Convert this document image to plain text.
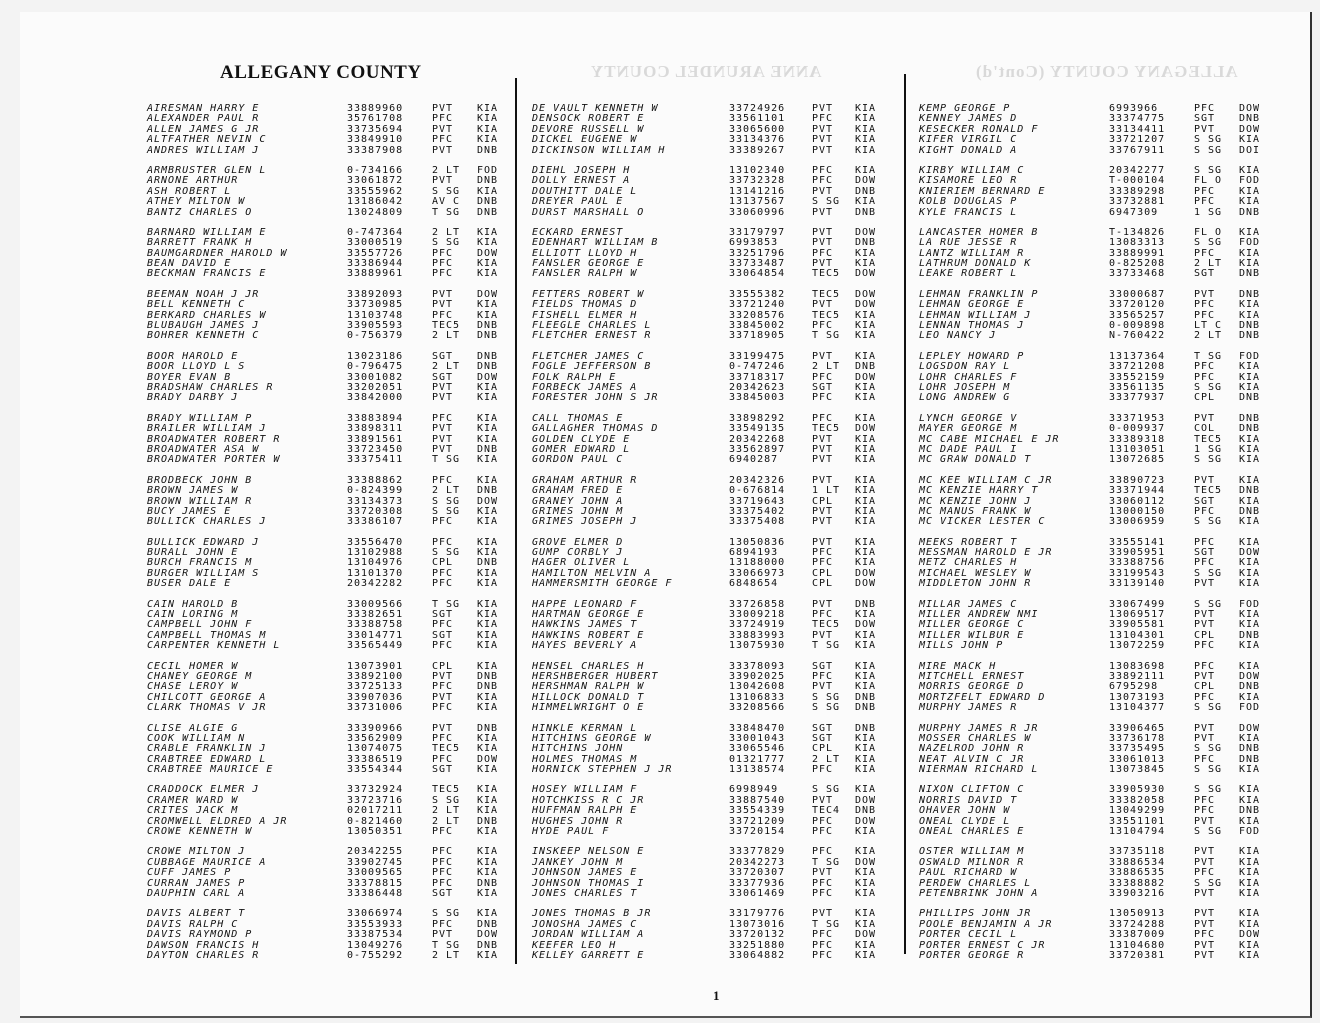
ANNE ARUNDEL COUNTY	ALLEGANY COUNTY (Cont'd)
ALLEGANY COUNTY
AIRESMAN HARRY E	33889960	PVT KIA
ALEXANDER PAUL R	35761708	PFC KIA
ALLEN JAMES G JR	33735694	PVT KIA
ALTFATHER NEVIN C	33849910	PFC KIA
ANDRES WILLIAM J	33387908	PVT DNB
ARMBRUSTER GLEN L	0-734166	2 LT FOD
ARNONE ARTHUR	33061872	PVT DNB
ASH ROBERT L	33555962	S SG KIA
ATHEY MILTON W	13186042	AV C DNB
BANTZ CHARLES O	13024809	T SG DNB
BARNARD WILLIAM E	0-747364	2 LT KIA
BARRETT FRANK H	33000519	S SG KIA
BAUMGARDNER HAROLD W	33557726	PFC DOW
BEAN DAVID E	33386944	PFC KIA
BECKMAN FRANCIS E	33889961	PFC KIA
BEEMAN NOAH J JR	33892093	PVT DOW
BELL KENNETH C	33730985	PVT KIA
BERKARD CHARLES W	13103748	PFC KIA
BLUBAUGH JAMES J	33905593	TEC5 DNB
BOHRER KENNETH C	0-756379	2 LT DNB
BOOR HAROLD E	13023186	SGT DNB
BOOR LLOYD L S	0-796475	2 LT DNB
BOYER EVAN B	33001082	SGT DOW
BRADSHAW CHARLES R	33202051	PVT KIA
BRADY DARBY J	33842000	PVT KIA
BRADY WILLIAM P	33883894	PFC KIA
BRAILER WILLIAM J	33898311	PVT KIA
BROADWATER ROBERT R	33891561	PVT KIA
BROADWATER ASA W	33723450	PVT DNB
BROADWATER PORTER W	33375411	T SG KIA
BRODBECK JOHN B	33388862	PFC KIA
BROWN JAMES W	0-824399	2 LT DNB
BROWN WILLIAM R	33134373	S SG DOW
BUCY JAMES E	33720308	S SG KIA
BULLICK CHARLES J	33386107	PFC KIA
BULLICK EDWARD J	33556470	PFC KIA
BURALL JOHN E	13102988	S SG KIA
BURCH FRANCIS M	13104976	CPL DNB
BURGER WILLIAM S	13101370	PFC KIA
BUSER DALE E	20342282	PFC KIA
CAIN HAROLD B	33009566	T SG KIA
CAIN LORING M	33382651	SGT KIA
CAMPBELL JOHN F	33388758	PFC KIA
CAMPBELL THOMAS M	33014771	SGT KIA
CARPENTER KENNETH L	33565449	PFC KIA
CECIL HOMER W	13073901	CPL KIA
CHANEY GEORGE M	33892100	PVT DNB
CHASE LEROY W	33725133	PFC DNB
CHILCOTT GEORGE A	33907036	PVT KIA
CLARK THOMAS V JR	33731006	PFC KIA
CLISE ALGIE G	33390966	PVT DNB
COOK WILLIAM N	33562909	PFC KIA
CRABLE FRANKLIN J	13074075	TEC5 KIA
CRABTREE EDWARD L	33386519	PFC DOW
CRABTREE MAURICE E	33554344	SGT KIA
CRADDOCK ELMER J	33732924	TEC5 KIA
CRAMER WARD W	33723716	S SG KIA
CRITES JACK M	02017211	2 LT KIA
CROMWELL ELDRED A JR	0-821460	2 LT DNB
CROWE KENNETH W	13050351	PFC KIA
CROWE MILTON J	20342255	PFC KIA
CUBBAGE MAURICE A	33902745	PFC KIA
CUFF JAMES P	33009565	PFC KIA
CURRAN JAMES P	33378815	PFC DNB
DAUPHIN CARL A	33386448	SGT KIA
DAVIS ALBERT T	33066974	S SG KIA
DAVIS RALPH C	33553933	PFC DNB
DAVIS RAYMOND P	33387534	PVT DOW
DAWSON FRANCIS H	13049276	T SG DNB
DAYTON CHARLES R	0-755292	2 LT KIA
DE VAULT KENNETH W	33724926	PVT KIA
DENSOCK ROBERT E	33561101	PFC KIA
DEVORE RUSSELL W	33065600	PVT KIA
DICKEL EUGENE W	33134376	PVT KIA
DICKINSON WILLIAM H	33389267	PVT KIA
DIEHL JOSEPH H	13102340	PFC KIA
DOLLY ERNEST A	33732328	PFC DOW
DOUTHITT DALE L	13141216	PVT DNB
DREYER PAUL E	13137567	S SG KIA
DURST MARSHALL O	33060996	PVT DNB
ECKARD ERNEST	33179797	PVT DOW
EDENHART WILLIAM B	6993853	PVT DNB
ELLIOTT LLOYD H	33251796	PFC KIA
FANSLER GEORGE E	33733487	PVT KIA
FANSLER RALPH W	33064854	TEC5 DOW
FETTERS ROBERT W	33555382	TEC5 DOW
FIELDS THOMAS D	33721240	PVT DOW
FISHELL ELMER H	33208576	TEC5 KIA
FLEEGLE CHARLES L	33845002	PFC KIA
FLETCHER ERNEST R	33718905	T SG KIA
FLETCHER JAMES C	33199475	PVT KIA
FOGLE JEFFERSON B	0-747246	2 LT DNB
FOLK RALPH E	33718317	PFC DOW
FORBECK JAMES A	20342623	SGT KIA
FORESTER JOHN S JR	33845003	PFC KIA
CALL THOMAS E	33898292	PFC KIA
GALLAGHER THOMAS D	33549135	TEC5 DOW
GOLDEN CLYDE E	20342268	PVT KIA
GOMER EDWARD L	33562897	PVT KIA
GORDON PAUL C	6940287	PVT KIA
GRAHAM ARTHUR R	20342326	PVT KIA
GRAHAM FRED E	0-676814	1 LT KIA
GRANEY JOHN A	33719643	CPL KIA
GRIMES JOHN M	33375402	PVT KIA
GRIMES JOSEPH J	33375408	PVT KIA
GROVE ELMER D	13050836	PVT KIA
GUMP CORBLY J	6894193	PFC KIA
HAGER OLIVER L	13188000	PFC KIA
HAMILTON MELVIN A	33066973	CPL DOW
HAMMERSMITH GEORGE F	6848654	CPL DOW
HAPPE LEONARD F	33726858	PVT DNB
HARTMAN GEORGE E	33009218	PFC KIA
HAWKINS JAMES T	33724919	TEC5 DOW
HAWKINS ROBERT E	33883993	PVT KIA
HAYES BEVERLY A	13075930	T SG KIA
HENSEL CHARLES H	33378093	SGT KIA
HERSHBERGER HUBERT	33902025	PFC KIA
HERSHMAN RALPH W	13042608	PVT KIA
HILLOCK DONALD T	13106833	S SG DNB
HIMMELWRIGHT O E	33208566	S SG DNB
HINKLE KERMAN L	33848470	SGT DNB
HITCHINS GEORGE W	33001043	SGT KIA
HITCHINS JOHN	33065546	CPL KIA
HOLMES THOMAS M	01321777	2 LT KIA
HORNICK STEPHEN J JR	13138574	PFC KIA
HOSEY WILLIAM F	6998949	S SG KIA
HOTCHKISS R C JR	33887540	PVT DOW
HUFFMAN RALPH E	33554339	TEC4 DNB
HUGHES JOHN R	33721209	PFC DOW
HYDE PAUL F	33720154	PFC KIA
INSKEEP NELSON E	33377829	PFC KIA
JANKEY JOHN M	20342273	T SG DOW
JOHNSON JAMES E	33720307	PVT KIA
JOHNSON THOMAS I	33377936	PFC KIA
JONES CHARLES T	33061469	PFC KIA
JONES THOMAS B JR	33179776	PVT KIA
JONOSHA JAMES C	13073016	T SG KIA
JORDAN WILLIAM A	33720132	PFC DOW
KEEFER LEO H	33251880	PFC KIA
KELLEY GARRETT E	33064882	PFC KIA
KEMP GEORGE P	6993966	PFC DOW
KENNEY JAMES D	33374775	SGT DNB
KESECKER RONALD F	33134411	PVT DOW
KIFER VIRGIL C	33721207	S SG KIA
KIGHT DONALD A	33767911	S SG DOI
KIRBY WILLIAM C	20342277	S SG KIA
KISAMORE LEO R	T-000104	FL O FOD
KNIERIEM BERNARD E	33389298	PFC KIA
KOLB DOUGLAS P	33732881	PFC KIA
KYLE FRANCIS L	6947309	1 SG DNB
LANCASTER HOMER B	T-134826	FL O KIA
LA RUE JESSE R	13083313	S SG FOD
LANTZ WILLIAM R	33889991	PFC KIA
LATHRUM DONALD K	0-825208	2 LT KIA
LEAKE ROBERT L	33733468	SGT DNB
LEHMAN FRANKLIN P	33000687	PVT DNB
LEHMAN GEORGE E	33720120	PFC KIA
LEHMAN WILLIAM J	33565257	PFC KIA
LENNAN THOMAS J	0-009898	LT C DNB
LEO NANCY J	N-760422	2 LT DNB
LEPLEY HOWARD P	13137364	T SG FOD
LOGSDON RAY L	33721208	PFC KIA
LOHR CHARLES F	33552159	PFC KIA
LOHR JOSEPH M	33561135	S SG KIA
LONG ANDREW G	33377937	CPL DNB
LYNCH GEORGE V	33371953	PVT DNB
MAYER GEORGE M	0-009937	COL DNB
MC CABE MICHAEL E JR	33389318	TEC5 KIA
MC DADE PAUL I	13103051	1 SG KIA
MC GRAW DONALD T	13072685	S SG KIA
MC KEE WILLIAM C JR	33890723	PVT KIA
MC KENZIE HARRY T	33371944	TEC5 DNB
MC KENZIE JOHN J	33060112	SGT KIA
MC MANUS FRANK W	13000150	PFC DNB
MC VICKER LESTER C	33006959	S SG KIA
MEEKS ROBERT T	33555141	PFC KIA
MESSMAN HAROLD E JR	33905951	SGT DOW
METZ CHARLES H	33388756	PFC KIA
MICHAEL WESLEY W	33199543	S SG KIA
MIDDLETON JOHN R	33139140	PVT KIA
MILLAR JAMES C	33067499	S SG FOD
MILLER ANDREW NMI	13069517	PVT KIA
MILLER GEORGE C	33905581	PVT KIA
MILLER WILBUR E	13104301	CPL DNB
MILLS JOHN P	13072259	PFC KIA
MIRE MACK H	13083698	PFC KIA
MITCHELL ERNEST	33892111	PVT DOW
MORRIS GEORGE D	6795298	CPL DNB
MORTZFELT EDWARD D	13073193	PFC KIA
MURPHY JAMES R	13104377	S SG FOD
MURPHY JAMES R JR	33906465	PVT DOW
MOSSER CHARLES W	33736178	PVT KIA
NAZELROD JOHN R	33735495	S SG DNB
NEAT ALVIN C JR	33061013	PFC DNB
NIERMAN RICHARD L	13073845	S SG KIA
NIXON CLIFTON C	33905930	S SG KIA
NORRIS DAVID T	33382058	PFC KIA
OHAVER JOHN W	13049299	PFC DNB
ONEAL CLYDE L	33551101	PVT KIA
ONEAL CHARLES E	13104794	S SG FOD
OSTER WILLIAM M	33735118	PVT KIA
OSWALD MILNOR R	33886534	PVT KIA
PAUL RICHARD W	33886535	PFC KIA
PERDEW CHARLES L	33388882	S SG KIA
PETENBRINK JOHN A	33903216	PVT KIA
PHILLIPS JOHN JR	13050913	PVT KIA
POOLE BENJAMIN A JR	33724288	PVT KIA
PORTER CECIL L	33387009	PFC DOW
PORTER ERNEST C JR	13104680	PVT KIA
PORTER GEORGE R	33720381	PVT KIA
1
